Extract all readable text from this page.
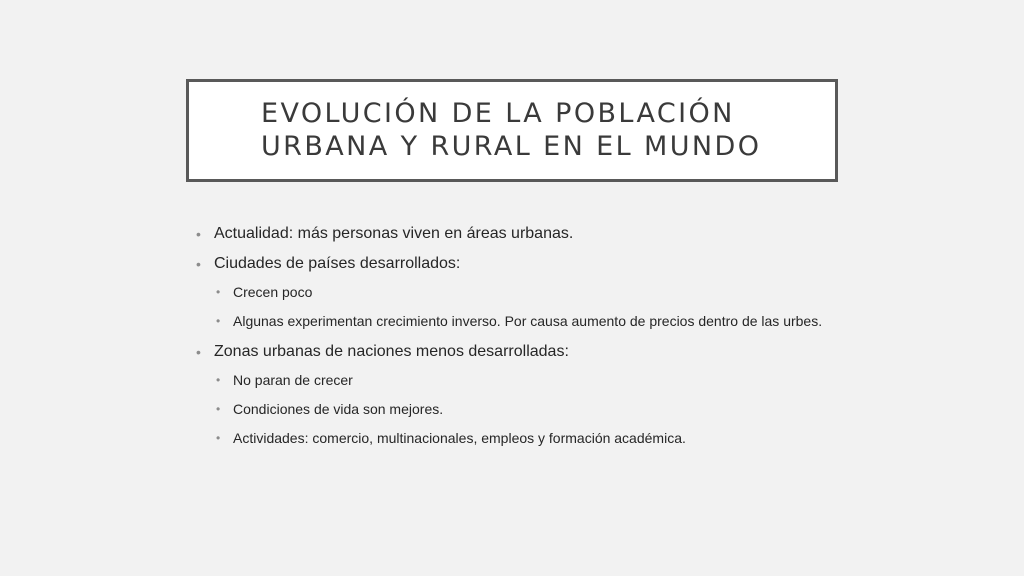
EVOLUCIÓN DE LA POBLACIÓN
URBANA Y RURAL EN EL MUNDO
• Actualidad: más personas viven en áreas urbanas.
• Ciudades de países desarrollados:
• Crecen poco
• Algunas experimentan crecimiento inverso. Por causa aumento de precios dentro de las urbes.
• Zonas urbanas de naciones menos desarrolladas:
• No paran de crecer
• Condiciones de vida son mejores.
• Actividades: comercio, multinacionales, empleos y formación académica.
